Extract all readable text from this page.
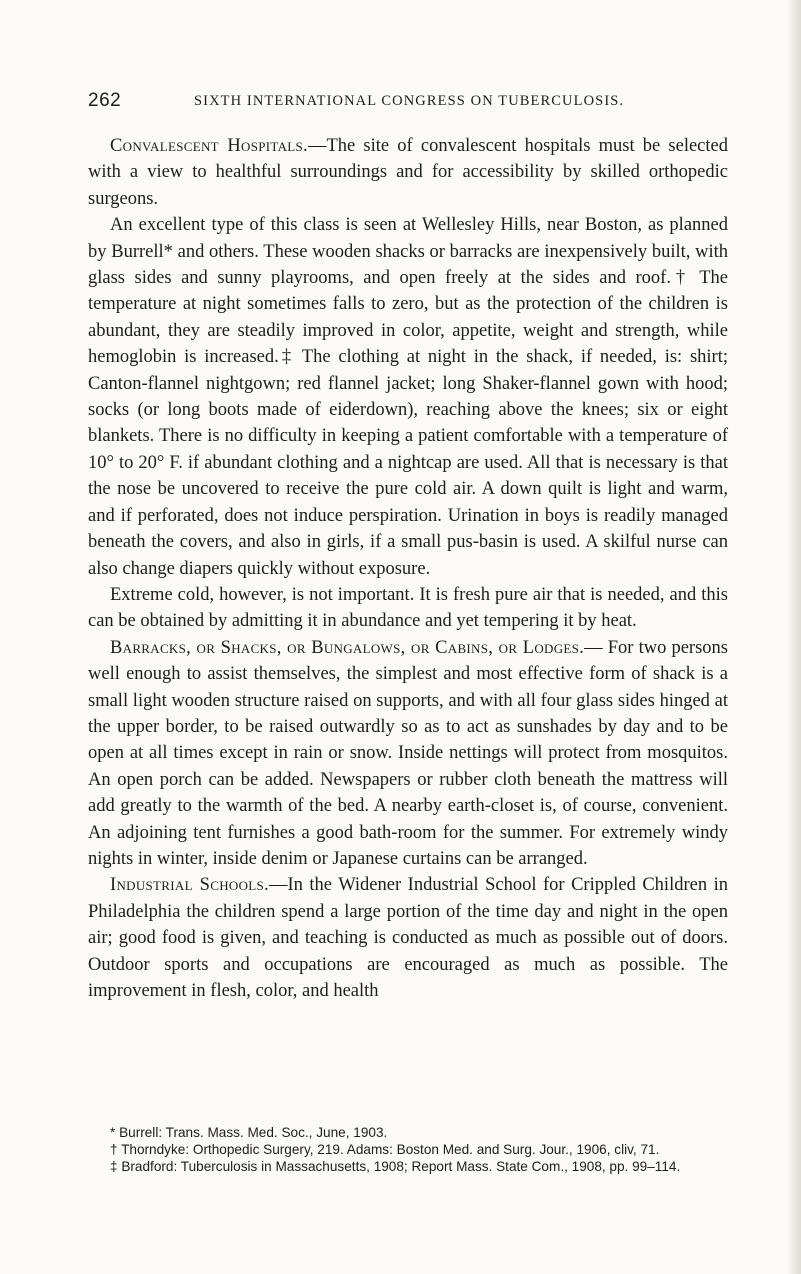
262	SIXTH INTERNATIONAL CONGRESS ON TUBERCULOSIS.

Convalescent Hospitals.—The site of convalescent hospitals must be selected with a view to healthful surroundings and for accessibility by skilled orthopedic surgeons.

An excellent type of this class is seen at Wellesley Hills, near Boston, as planned by Burrell* and others. These wooden shacks or barracks are inexpensively built, with glass sides and sunny playrooms, and open freely at the sides and roof.† The temperature at night sometimes falls to zero, but as the protection of the children is abundant, they are steadily improved in color, appetite, weight and strength, while hemoglobin is increased.‡ The clothing at night in the shack, if needed, is: shirt; Canton-flannel nightgown; red flannel jacket; long Shaker-flannel gown with hood; socks (or long boots made of eiderdown), reaching above the knees; six or eight blankets. There is no difficulty in keeping a patient comfortable with a temperature of 10° to 20° F. if abundant clothing and a nightcap are used. All that is necessary is that the nose be uncovered to receive the pure cold air. A down quilt is light and warm, and if perforated, does not induce perspiration. Urination in boys is readily managed beneath the covers, and also in girls, if a small pus-basin is used. A skilful nurse can also change diapers quickly without exposure.

Extreme cold, however, is not important. It is fresh pure air that is needed, and this can be obtained by admitting it in abundance and yet tempering it by heat.

Barracks, or Shacks, or Bungalows, or Cabins, or Lodges.— For two persons well enough to assist themselves, the simplest and most effective form of shack is a small light wooden structure raised on supports, and with all four glass sides hinged at the upper border, to be raised outwardly so as to act as sunshades by day and to be open at all times except in rain or snow. Inside nettings will protect from mosquitos. An open porch can be added. Newspapers or rubber cloth beneath the mattress will add greatly to the warmth of the bed. A nearby earth-closet is, of course, convenient. An adjoining tent furnishes a good bath-room for the summer. For extremely windy nights in winter, inside denim or Japanese curtains can be arranged.

Industrial Schools.—In the Widener Industrial School for Crippled Children in Philadelphia the children spend a large portion of the time day and night in the open air; good food is given, and teaching is conducted as much as possible out of doors. Outdoor sports and occupations are encouraged as much as possible. The improvement in flesh, color, and health

* Burrell: Trans. Mass. Med. Soc., June, 1903.

† Thorndyke: Orthopedic Surgery, 219. Adams: Boston Med. and Surg. Jour., 1906, cliv, 71.

‡ Bradford: Tuberculosis in Massachusetts, 1908; Report Mass. State Com., 1908, pp. 99–114.
